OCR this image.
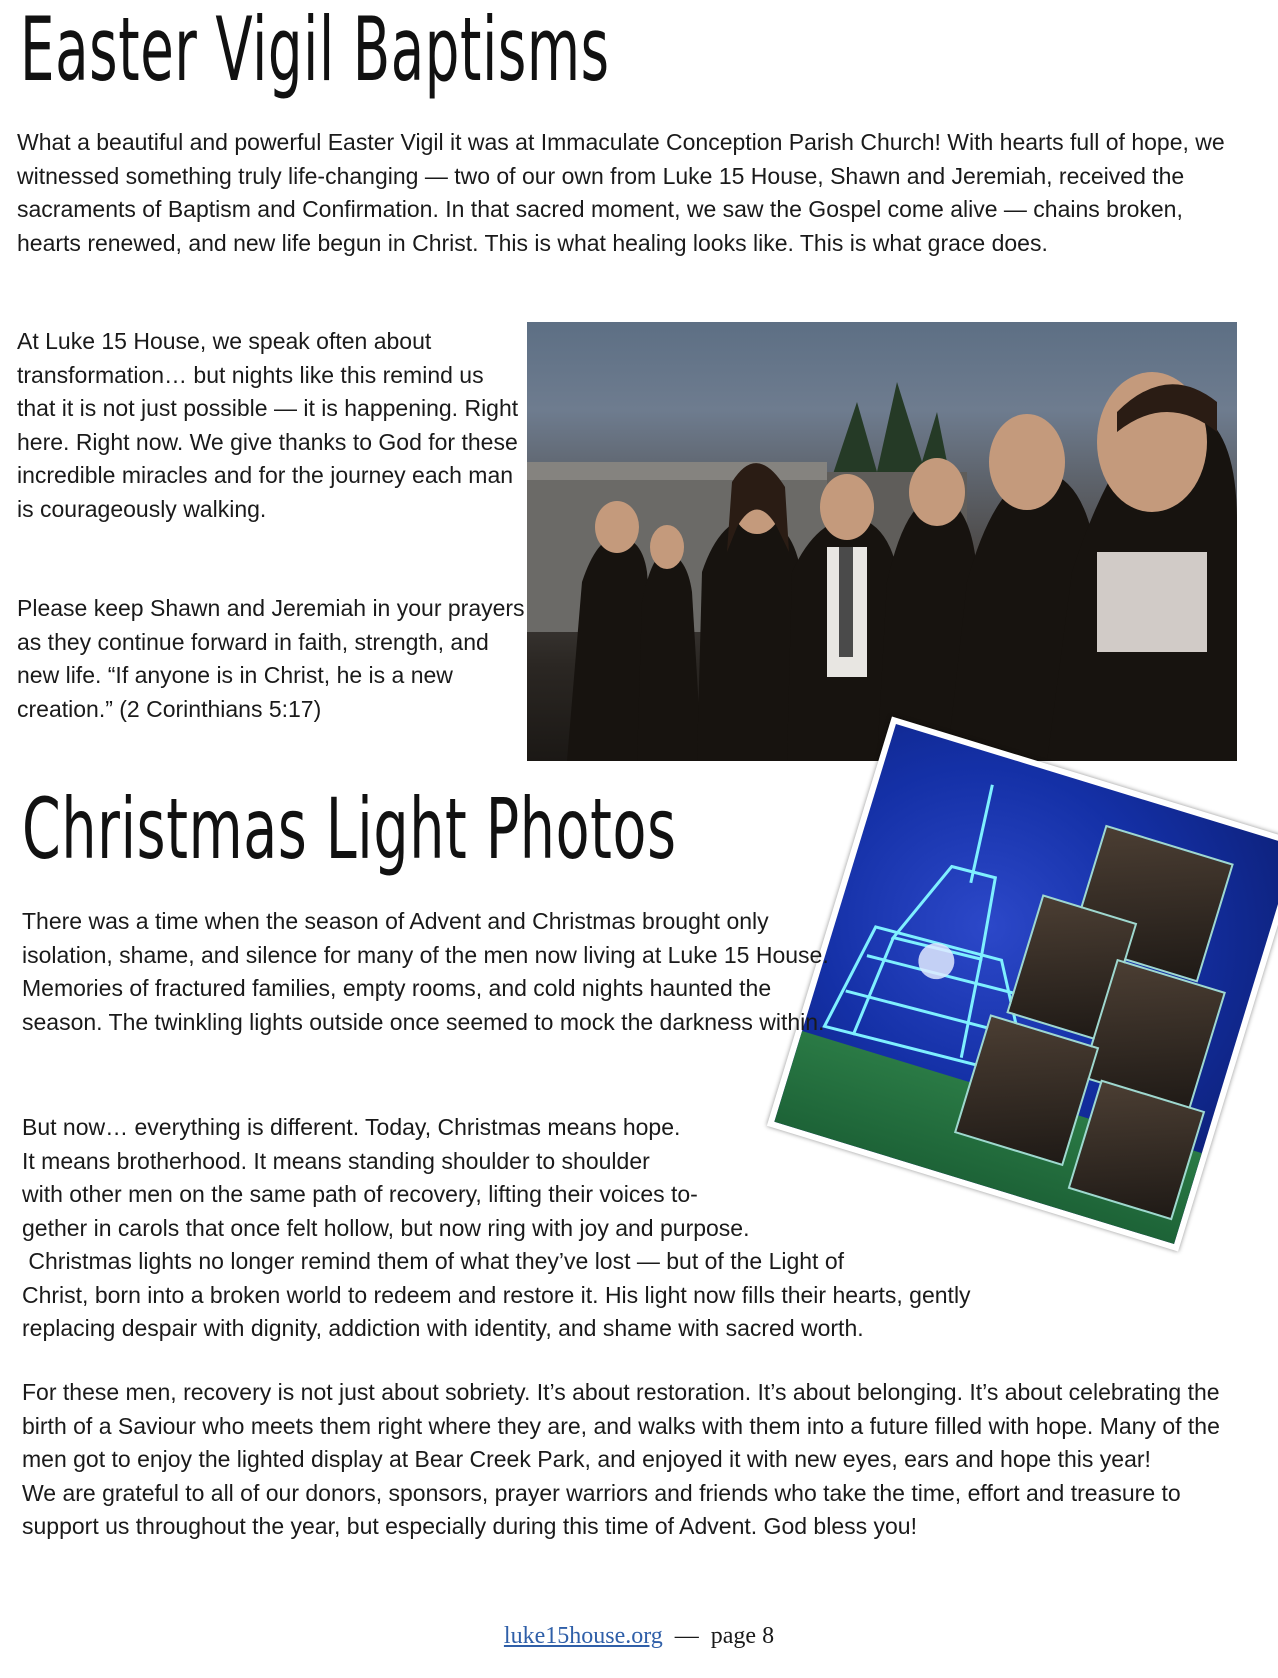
Easter Vigil Baptisms

What a beautiful and powerful Easter Vigil it was at Immaculate Conception Parish Church! With hearts full of hope, we witnessed something truly life-changing — two of our own from Luke 15 House, Shawn and Jeremiah, received the sacraments of Baptism and Confirmation. In that sacred moment, we saw the Gospel come alive — chains broken, hearts renewed, and new life begun in Christ. This is what healing looks like. This is what grace does.

At Luke 15 House, we speak often about transformation… but nights like this remind us that it is not just possible — it is happening. Right here. Right now. We give thanks to God for these incredible miracles and for the journey each man is courageously walking.

Please keep Shawn and Jeremiah in your prayers as they continue forward in faith, strength, and new life. “If anyone is in Christ, he is a new creation.” (2 Corinthians 5:17)

Christmas Light Photos

There was a time when the season of Advent and Christmas brought only isolation, shame, and silence for many of the men now living at Luke 15 House. Memories of fractured families, empty rooms, and cold nights haunted the season. The twinkling lights outside once seemed to mock the darkness within.

But now… everything is different. Today, Christmas means hope.
It means brotherhood. It means standing shoulder to shoulder
with other men on the same path of recovery, lifting their voices to-
gether in carols that once felt hollow, but now ring with joy and purpose.
Christmas lights no longer remind them of what they’ve lost — but of the Light of
Christ, born into a broken world to redeem and restore it. His light now fills their hearts, gently
replacing despair with dignity, addiction with identity, and shame with sacred worth.
For these men, recovery is not just about sobriety. It’s about restoration. It’s about belonging. It’s about celebrating the birth of a Saviour who meets them right where they are, and walks with them into a future filled with hope. Many of the men got to enjoy the lighted display at Bear Creek Park, and enjoyed it with new eyes, ears and hope this year!
We are grateful to all of our donors, sponsors, prayer warriors and friends who take the time, effort and treasure to support us throughout the year, but especially during this time of Advent. God bless you!
luke15house.org — page 8
